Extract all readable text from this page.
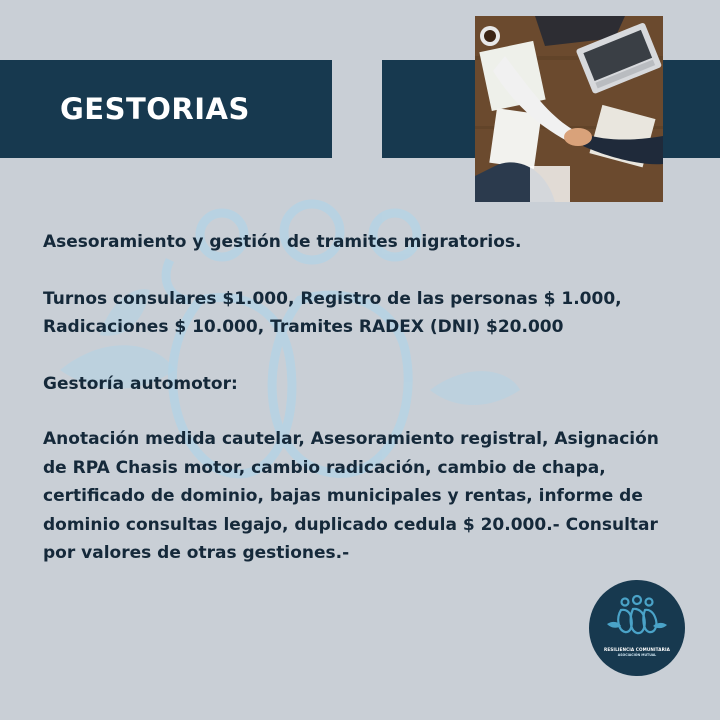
GESTORIAS

Asesoramiento y gestión de tramites migratorios.

Turnos consulares $1.000, Registro de las personas $ 1.000, Radicaciones $ 10.000, Tramites RADEX (DNI) $20.000

Gestoría automotor:

Anotación medida cautelar, Asesoramiento registral, Asignación de RPA Chasis motor, cambio radicación, cambio de chapa, certificado de dominio, bajas municipales y rentas, informe de dominio consultas legajo, duplicado cedula $ 20.000.- Consultar por valores de otras gestiones.-

RESILIENCIA COMUNITARIA
ASOCIACIÓN MUTUAL
